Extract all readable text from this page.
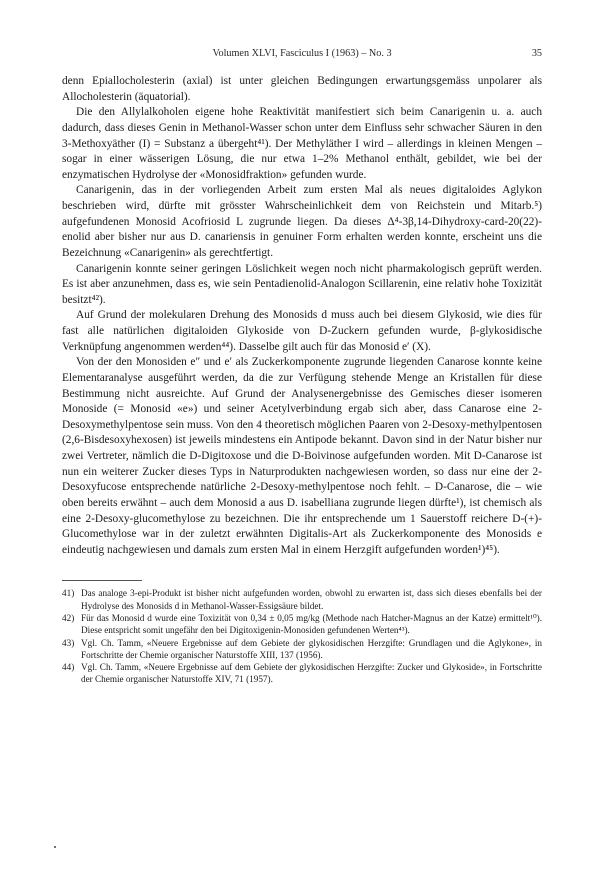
Volumen XLVI, Fasciculus I (1963) – No. 3	35

denn Epiallocholesterin (axial) ist unter gleichen Bedingungen erwartungsgemäss unpolarer als Allocholesterin (äquatorial).

Die den Allylalkoholen eigene hohe Reaktivität manifestiert sich beim Canarigenin u. a. auch dadurch, dass dieses Genin in Methanol-Wasser schon unter dem Einfluss sehr schwacher Säuren in den 3-Methoxyäther (I) = Substanz a übergeht⁴¹). Der Methyläther I wird – allerdings in kleinen Mengen – sogar in einer wässerigen Lösung, die nur etwa 1–2% Methanol enthält, gebildet, wie bei der enzymatischen Hydrolyse der «Monosidfraktion» gefunden wurde.

Canarigenin, das in der vorliegenden Arbeit zum ersten Mal als neues digitaloides Aglykon beschrieben wird, dürfte mit grösster Wahrscheinlichkeit dem von Reichstein und Mitarb.⁵) aufgefundenen Monosid Acofriosid L zugrunde liegen. Da dieses Δ⁴-3β,14-Dihydroxy-card-20(22)-enolid aber bisher nur aus D. canariensis in genuiner Form erhalten werden konnte, erscheint uns die Bezeichnung «Canarigenin» als gerechtfertigt.

Canarigenin konnte seiner geringen Löslichkeit wegen noch nicht pharmakologisch geprüft werden. Es ist aber anzunehmen, dass es, wie sein Pentadienolid-Analogon Scillarenin, eine relativ hohe Toxizität besitzt⁴²).

Auf Grund der molekularen Drehung des Monosids d muss auch bei diesem Glykosid, wie dies für fast alle natürlichen digitaloiden Glykoside von D-Zuckern gefunden wurde, β-glykosidische Verknüpfung angenommen werden⁴⁴). Dasselbe gilt auch für das Monosid e′ (X).

Von der den Monosiden e″ und e′ als Zuckerkomponente zugrunde liegenden Canarose konnte keine Elementaranalyse ausgeführt werden, da die zur Verfügung stehende Menge an Kristallen für diese Bestimmung nicht ausreichte. Auf Grund der Analysenergebnisse des Gemisches dieser isomeren Monoside (= Monosid «e») und seiner Acetylverbindung ergab sich aber, dass Canarose eine 2-Desoxymethylpentose sein muss. Von den 4 theoretisch möglichen Paaren von 2-Desoxy-methylpentosen (2,6-Bisdesoxyhexosen) ist jeweils mindestens ein Antipode bekannt. Davon sind in der Natur bisher nur zwei Vertreter, nämlich die D-Digitoxose und die D-Boivinose aufgefunden worden. Mit D-Canarose ist nun ein weiterer Zucker dieses Typs in Naturprodukten nachgewiesen worden, so dass nur eine der 2-Desoxyfucose entsprechende natürliche 2-Desoxy-methylpentose noch fehlt. – D-Canarose, die – wie oben bereits erwähnt – auch dem Monosid a aus D. isabelliana zugrunde liegen dürfte¹), ist chemisch als eine 2-Desoxy-glucomethylose zu bezeichnen. Die ihr entsprechende um 1 Sauerstoff reichere D-(+)-Glucomethylose war in der zuletzt erwähnten Digitalis-Art als Zuckerkomponente des Monosids e eindeutig nachgewiesen und damals zum ersten Mal in einem Herzgift aufgefunden worden¹)⁴⁵).

41) Das analoge 3-epi-Produkt ist bisher nicht aufgefunden worden, obwohl zu erwarten ist, dass sich dieses ebenfalls bei der Hydrolyse des Monosids d in Methanol-Wasser-Essigsäure bildet.
42) Für das Monosid d wurde eine Toxizität von 0,34 ± 0,05 mg/kg (Methode nach Hatcher-Magnus an der Katze) ermittelt¹⁰). Diese entspricht somit ungefähr den bei Digitoxigenin-Monosiden gefundenen Werten⁴³).
43) Vgl. Ch. Tamm, «Neuere Ergebnisse auf dem Gebiete der glykosidischen Herzgifte: Grundlagen und die Aglykone», in Fortschritte der Chemie organischer Naturstoffe XIII, 137 (1956).
44) Vgl. Ch. Tamm, «Neuere Ergebnisse auf dem Gebiete der glykosidischen Herzgifte: Zucker und Glykoside», in Fortschritte der Chemie organischer Naturstoffe XIV, 71 (1957).
